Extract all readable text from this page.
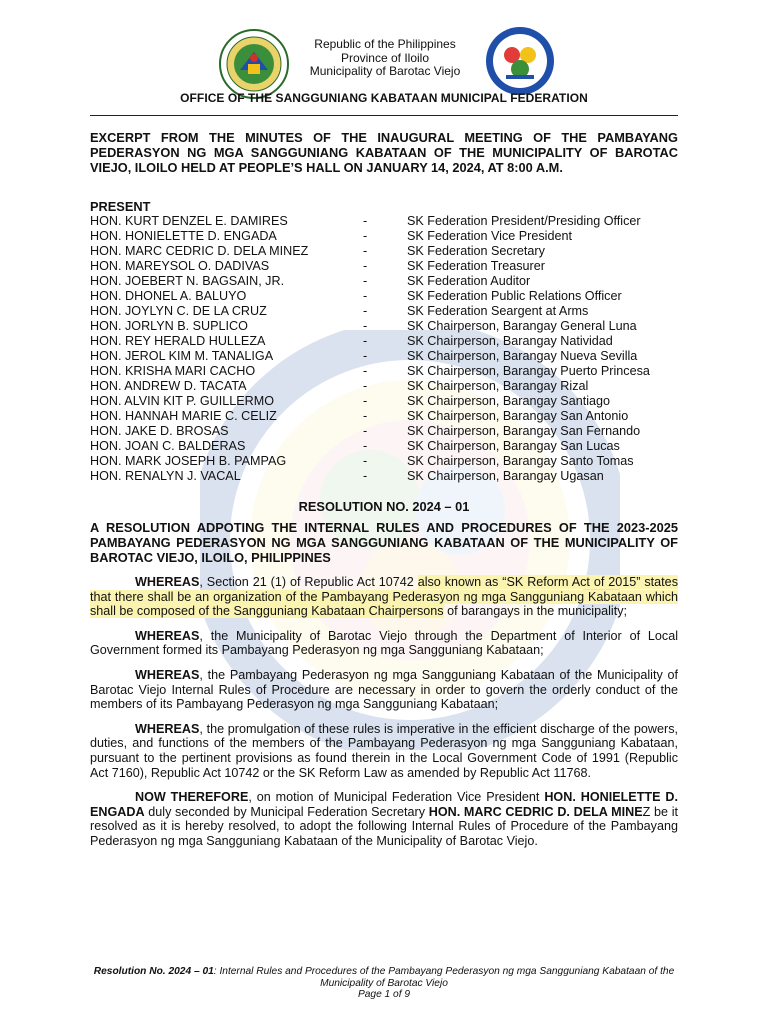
Republic of the Philippines
Province of Iloilo
Municipality of Barotac Viejo
OFFICE OF THE SANGGUNIANG KABATAAN MUNICIPAL FEDERATION
EXCERPT FROM THE MINUTES OF THE INAUGURAL MEETING OF THE PAMBAYANG PEDERASYON NG MGA SANGGUNIANG KABATAAN OF THE MUNICIPALITY OF BAROTAC VIEJO, ILOILO HELD AT PEOPLE’S HALL ON JANUARY 14, 2024, AT 8:00 A.M.
PRESENT
HON. KURT DENZEL E. DAMIRES	-	SK Federation President/Presiding Officer
HON. HONIELETTE D. ENGADA	-	SK Federation Vice President
HON. MARC CEDRIC D. DELA MINEZ	-	SK Federation Secretary
HON. MAREYSOL O. DADIVAS	-	SK Federation Treasurer
HON. JOEBERT N. BAGSAIN, JR.	-	SK Federation Auditor
HON. DHONEL A. BALUYO	-	SK Federation Public Relations Officer
HON. JOYLYN C. DE LA CRUZ	-	SK Federation Seargent at Arms
HON. JORLYN B. SUPLICO	-	SK Chairperson, Barangay General Luna
HON. REY HERALD HULLEZA	-	SK Chairperson, Barangay Natividad
HON. JEROL KIM M. TANALIGA	-	SK Chairperson, Barangay Nueva Sevilla
HON. KRISHA MARI CACHO	-	SK Chairperson, Barangay Puerto Princesa
HON. ANDREW D. TACATA	-	SK Chairperson, Barangay Rizal
HON. ALVIN KIT P. GUILLERMO	-	SK Chairperson, Barangay Santiago
HON. HANNAH MARIE C. CELIZ	-	SK Chairperson, Barangay San Antonio
HON. JAKE D. BROSAS	-	SK Chairperson, Barangay San Fernando
HON. JOAN C. BALDERAS	-	SK Chairperson, Barangay San Lucas
HON. MARK JOSEPH B. PAMPAG	-	SK Chairperson, Barangay Santo Tomas
HON. RENALYN J. VACAL	-	SK Chairperson, Barangay Ugasan
RESOLUTION NO. 2024 – 01
A RESOLUTION ADPOTING THE INTERNAL RULES AND PROCEDURES OF THE 2023-2025 PAMBAYANG PEDERASYON NG MGA SANGGUNIANG KABATAAN OF THE MUNICIPALITY OF BAROTAC VIEJO, ILOILO, PHILIPPINES

WHEREAS, Section 21 (1) of Republic Act 10742 also known as “SK Reform Act of 2015” states that there shall be an organization of the Pambayang Pederasyon ng mga Sangguniang Kabataan which shall be composed of the Sangguniang Kabataan Chairpersons of barangays in the municipality;

WHEREAS, the Municipality of Barotac Viejo through the Department of Interior of Local Government formed its Pambayang Pederasyon ng mga Sangguniang Kabataan;

WHEREAS, the Pambayang Pederasyon ng mga Sangguniang Kabataan of the Municipality of Barotac Viejo Internal Rules of Procedure are necessary in order to govern the orderly conduct of the members of its Pambayang Pederasyon ng mga Sangguniang Kabataan;

WHEREAS, the promulgation of these rules is imperative in the efficient discharge of the powers, duties, and functions of the members of the Pambayang Pederasyon ng mga Sangguniang Kabataan, pursuant to the pertinent provisions as found therein in the Local Government Code of 1991 (Republic Act 7160), Republic Act 10742 or the SK Reform Law as amended by Republic Act 11768.

NOW THEREFORE, on motion of Municipal Federation Vice President HON. HONIELETTE D. ENGADA duly seconded by Municipal Federation Secretary HON. MARC CEDRIC D. DELA MINEZ be it resolved as it is hereby resolved, to adopt the following Internal Rules of Procedure of the Pambayang Pederasyon ng mga Sangguniang Kabataan of the Municipality of Barotac Viejo.

Resolution No. 2024 – 01: Internal Rules and Procedures of the Pambayang Pederasyon ng mga Sangguniang Kabataan of the Municipality of Barotac Viejo
Page 1 of 9
